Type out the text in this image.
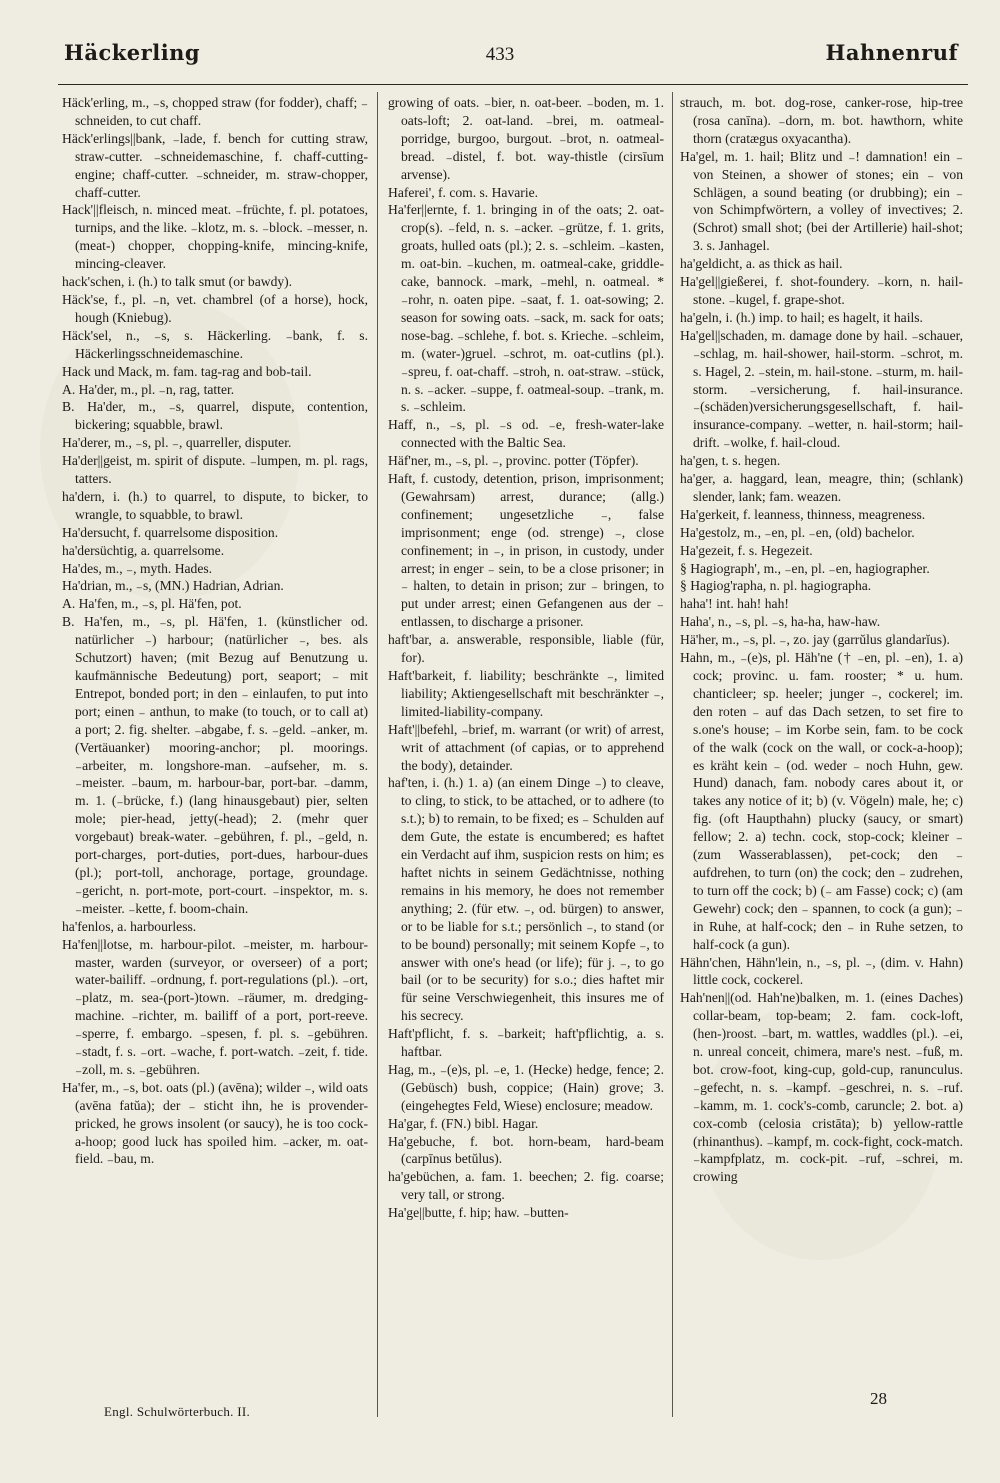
Häckerling	433	Hahnenruf

Häck'erling, m., ₋s, chopped straw (for fodder), chaff; ₋ schneiden, to cut chaff.

Häck'erlings||bank, ₋lade, f. bench for cutting straw, straw-cutter. ₋schneidemaschine, f. chaff-cutting-engine; chaff-cutter. ₋schneider, m. straw-chopper, chaff-cutter.

Hack'||fleisch, n. minced meat. ₋früchte, f. pl. potatoes, turnips, and the like. ₋klotz, m. s. ₋block. ₋messer, n. (meat-) chopper, chopping-knife, mincing-knife, mincing-cleaver.

hack'schen, i. (h.) to talk smut (or bawdy).

Häck'se, f., pl. ₋n, vet. chambrel (of a horse), hock, hough (Kniebug).

Häck'sel, n., ₋s, s. Häckerling. ₋bank, f. s. Häckerlingsschneidemaschine.

Hack und Mack, m. fam. tag-rag and bob-tail.

A. Ha'der, m., pl. ₋n, rag, tatter.

B. Ha'der, m., ₋s, quarrel, dispute, contention, bickering; squabble, brawl.

Ha'derer, m., ₋s, pl. ₋, quarreller, disputer.

Ha'der||geist, m. spirit of dispute. ₋lumpen, m. pl. rags, tatters.

ha'dern, i. (h.) to quarrel, to dispute, to bicker, to wrangle, to squabble, to brawl.

Ha'dersucht, f. quarrelsome disposition.

ha'dersüchtig, a. quarrelsome.

Ha'des, m., ₋, myth. Hades.

Ha'drian, m., ₋s, (MN.) Hadrian, Adrian.

A. Ha'fen, m., ₋s, pl. Hä'fen, pot.

B. Ha'fen, m., ₋s, pl. Hä'fen, 1. (künstlicher od. natürlicher ₋) harbour; (natürlicher ₋, bes. als Schutzort) haven; (mit Bezug auf Benutzung u. kaufmännische Bedeutung) port, seaport; ₋ mit Entrepot, bonded port; in den ₋ einlaufen, to put into port; einen ₋ anthun, to make (to touch, or to call at) a port; 2. fig. shelter. ₋abgabe, f. s. ₋geld. ₋anker, m. (Vertäuanker) mooring-anchor; pl. moorings. ₋arbeiter, m. longshore-man. ₋aufseher, m. s. ₋meister. ₋baum, m. harbour-bar, port-bar. ₋damm, m. 1. (₋brücke, f.) (lang hinausgebaut) pier, selten mole; pier-head, jetty(-head); 2. (mehr quer vorgebaut) break-water. ₋gebühren, f. pl., ₋geld, n. port-charges, port-duties, port-dues, harbour-dues (pl.); port-toll, anchorage, portage, groundage. ₋gericht, n. port-mote, port-court. ₋inspektor, m. s. ₋meister. ₋kette, f. boom-chain.

ha'fenlos, a. harbourless.

Ha'fen||lotse, m. harbour-pilot. ₋meister, m. harbour-master, warden (surveyor, or overseer) of a port; water-bailiff. ₋ordnung, f. port-regulations (pl.). ₋ort, ₋platz, m. sea-(port-)town. ₋räumer, m. dredging-machine. ₋richter, m. bailiff of a port, port-reeve. ₋sperre, f. embargo. ₋spesen, f. pl. s. ₋gebühren. ₋stadt, f. s. ₋ort. ₋wache, f. port-watch. ₋zeit, f. tide. ₋zoll, m. s. ₋gebühren.

Ha'fer, m., ₋s, bot. oats (pl.) (avēna); wilder ₋, wild oats (avēna fatŭa); der ₋ sticht ihn, he is provender-pricked, he grows insolent (or saucy), he is too cock-a-hoop; good luck has spoiled him. ₋acker, m. oat-field. ₋bau, m.

growing of oats. ₋bier, n. oat-beer. ₋boden, m. 1. oats-loft; 2. oat-land. ₋brei, m. oatmeal-porridge, burgoo, burgout. ₋brot, n. oatmeal-bread. ₋distel, f. bot. way-thistle (cirsīum arvense).

Haferei', f. com. s. Havarie.

Ha'fer||ernte, f. 1. bringing in of the oats; 2. oat-crop(s). ₋feld, n. s. ₋acker. ₋grütze, f. 1. grits, groats, hulled oats (pl.); 2. s. ₋schleim. ₋kasten, m. oat-bin. ₋kuchen, m. oatmeal-cake, griddle-cake, bannock. ₋mark, ₋mehl, n. oatmeal. * ₋rohr, n. oaten pipe. ₋saat, f. 1. oat-sowing; 2. season for sowing oats. ₋sack, m. sack for oats; nose-bag. ₋schlehe, f. bot. s. Krieche. ₋schleim, m. (water-)gruel. ₋schrot, m. oat-cutlins (pl.). ₋spreu, f. oat-chaff. ₋stroh, n. oat-straw. ₋stück, n. s. ₋acker. ₋suppe, f. oatmeal-soup. ₋trank, m. s. ₋schleim.

Haff, n., ₋s, pl. ₋s od. ₋e, fresh-water-lake connected with the Baltic Sea.

Häf'ner, m., ₋s, pl. ₋, provinc. potter (Töpfer).

Haft, f. custody, detention, prison, imprisonment; (Gewahrsam) arrest, durance; (allg.) confinement; ungesetzliche ₋, false imprisonment; enge (od. strenge) ₋, close confinement; in ₋, in prison, in custody, under arrest; in enger ₋ sein, to be a close prisoner; in ₋ halten, to detain in prison; zur ₋ bringen, to put under arrest; einen Gefangenen aus der ₋ entlassen, to discharge a prisoner.

haft'bar, a. answerable, responsible, liable (für, for).

Haft'barkeit, f. liability; beschränkte ₋, limited liability; Aktiengesellschaft mit beschränkter ₋, limited-liability-company.

Haft'||befehl, ₋brief, m. warrant (or writ) of arrest, writ of attachment (of capias, or to apprehend the body), detainder.

haf'ten, i. (h.) 1. a) (an einem Dinge ₋) to cleave, to cling, to stick, to be attached, or to adhere (to s.t.); b) to remain, to be fixed; es ₋ Schulden auf dem Gute, the estate is encumbered; es haftet ein Verdacht auf ihm, suspicion rests on him; es haftet nichts in seinem Gedächtnisse, nothing remains in his memory, he does not remember anything; 2. (für etw. ₋, od. bürgen) to answer, or to be liable for s.t.; persönlich ₋, to stand (or to be bound) personally; mit seinem Kopfe ₋, to answer with one's head (or life); für j. ₋, to go bail (or to be security) for s.o.; dies haftet mir für seine Verschwiegenheit, this insures me of his secrecy.

Haft'pflicht, f. s. ₋barkeit; haft'pflichtig, a. s. haftbar.

Hag, m., ₋(e)s, pl. ₋e, 1. (Hecke) hedge, fence; 2. (Gebüsch) bush, coppice; (Hain) grove; 3. (eingehegtes Feld, Wiese) enclosure; meadow.

Ha'gar, f. (FN.) bibl. Hagar.

Ha'gebuche, f. bot. horn-beam, hard-beam (carpīnus betŭlus).

ha'gebüchen, a. fam. 1. beechen; 2. fig. coarse; very tall, or strong.

Ha'ge||butte, f. hip; haw. ₋butten-

strauch, m. bot. dog-rose, canker-rose, hip-tree (rosa canīna). ₋dorn, m. bot. hawthorn, white thorn (cratægus oxyacantha).

Ha'gel, m. 1. hail; Blitz und ₋! damnation! ein ₋ von Steinen, a shower of stones; ein ₋ von Schlägen, a sound beating (or drubbing); ein ₋ von Schimpfwörtern, a volley of invectives; 2. (Schrot) small shot; (bei der Artillerie) hail-shot; 3. s. Janhagel.

ha'geldicht, a. as thick as hail.

Ha'gel||gießerei, f. shot-foundery. ₋korn, n. hail-stone. ₋kugel, f. grape-shot.

ha'geln, i. (h.) imp. to hail; es hagelt, it hails.

Ha'gel||schaden, m. damage done by hail. ₋schauer, ₋schlag, m. hail-shower, hail-storm. ₋schrot, m. s. Hagel, 2. ₋stein, m. hail-stone. ₋sturm, m. hail-storm. ₋versicherung, f. hail-insurance. ₋(schäden)versicherungsgesellschaft, f. hail-insurance-company. ₋wetter, n. hail-storm; hail-drift. ₋wolke, f. hail-cloud.

ha'gen, t. s. hegen.

ha'ger, a. haggard, lean, meagre, thin; (schlank) slender, lank; fam. weazen.

Ha'gerkeit, f. leanness, thinness, meagreness.

Ha'gestolz, m., ₋en, pl. ₋en, (old) bachelor.

Ha'gezeit, f. s. Hegezeit.

§ Hagiograph', m., ₋en, pl. ₋en, hagiographer.

§ Hagiog'rapha, n. pl. hagiographa.

haha'! int. hah! hah!

Haha', n., ₋s, pl. ₋s, ha-ha, haw-haw.

Hä'her, m., ₋s, pl. ₋, zo. jay (garrŭlus glandarĭus).

Hahn, m., ₋(e)s, pl. Häh'ne († ₋en, pl. ₋en), 1. a) cock; provinc. u. fam. rooster; * u. hum. chanticleer; sp. heeler; junger ₋, cockerel; im. den roten ₋ auf das Dach setzen, to set fire to s.one's house; ₋ im Korbe sein, fam. to be cock of the walk (cock on the wall, or cock-a-hoop); es kräht kein ₋ (od. weder ₋ noch Huhn, gew. Hund) danach, fam. nobody cares about it, or takes any notice of it; b) (v. Vögeln) male, he; c) fig. (oft Haupthahn) plucky (saucy, or smart) fellow; 2. a) techn. cock, stop-cock; kleiner ₋ (zum Wasserablassen), pet-cock; den ₋ aufdrehen, to turn (on) the cock; den ₋ zudrehen, to turn off the cock; b) (₋ am Fasse) cock; c) (am Gewehr) cock; den ₋ spannen, to cock (a gun); ₋ in Ruhe, at half-cock; den ₋ in Ruhe setzen, to half-cock (a gun).

Hähn'chen, Hähn'lein, n., ₋s, pl. ₋, (dim. v. Hahn) little cock, cockerel.

Hah'nen||(od. Hah'ne)balken, m. 1. (eines Daches) collar-beam, top-beam; 2. fam. cock-loft, (hen-)roost. ₋bart, m. wattles, waddles (pl.). ₋ei, n. unreal conceit, chimera, mare's nest. ₋fuß, m. bot. crow-foot, king-cup, gold-cup, ranunculus. ₋gefecht, n. s. ₋kampf. ₋geschrei, n. s. ₋ruf. ₋kamm, m. 1. cock's-comb, caruncle; 2. bot. a) cox-comb (celosia cristāta); b) yellow-rattle (rhinanthus). ₋kampf, m. cock-fight, cock-match. ₋kampfplatz, m. cock-pit. ₋ruf, ₋schrei, m. crowing

Engl. Schulwörterbuch. II.
28
